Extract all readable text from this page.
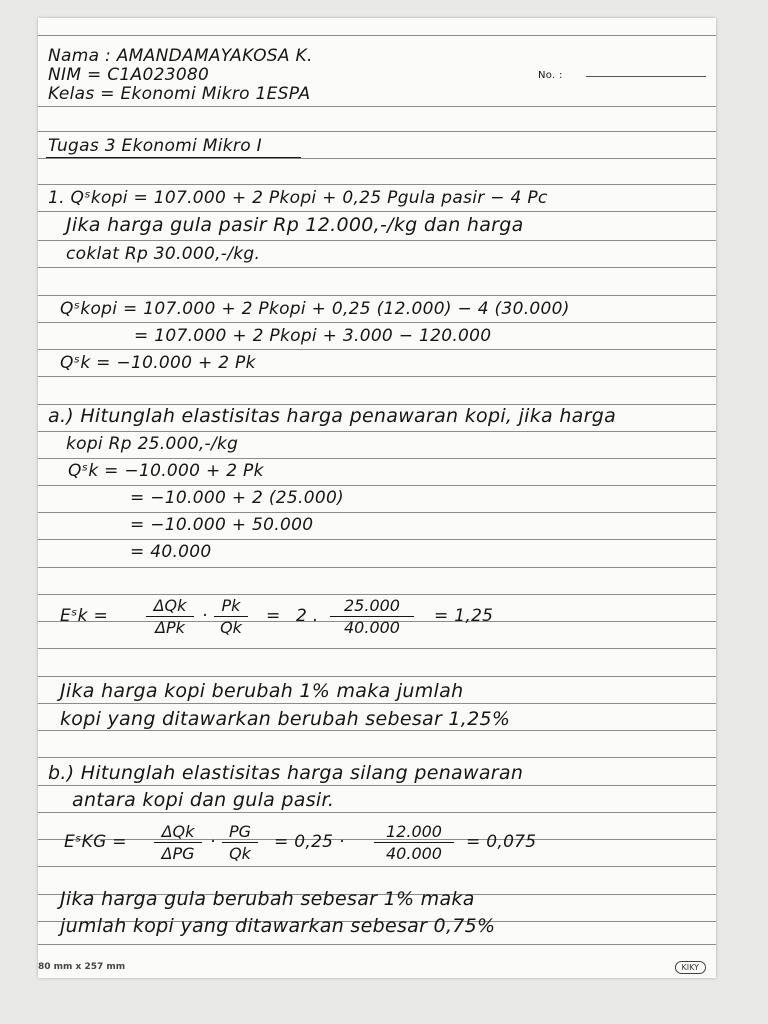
Nama : AMANDAMAYAKOSA K.
NIM = C1A023080
Kelas = Ekonomi Mikro 1ESPA
No. :
Tugas 3 Ekonomi Mikro I
1. Qˢkopi = 107.000 + 2 Pkopi + 0,25 Pgula pasir − 4 Pc
Jika harga gula pasir Rp 12.000,-/kg dan harga
coklat Rp 30.000,-/kg.
Qˢkopi = 107.000 + 2 Pkopi + 0,25 (12.000) − 4 (30.000)
= 107.000 + 2 Pkopi + 3.000 − 120.000
Qˢk = −10.000 + 2 Pk
a.) Hitunglah elastisitas harga penawaran kopi, jika harga
kopi Rp 25.000,-/kg
Qˢk = −10.000 + 2 Pk
= −10.000 + 2 (25.000)
= −10.000 + 50.000
= 40.000
Eˢk =
ΔQk
ΔPk
·
Pk
Qk
= 2 .
25.000
40.000
= 1,25
Jika harga kopi berubah 1% maka jumlah
kopi yang ditawarkan berubah sebesar 1,25%
b.) Hitunglah elastisitas harga silang penawaran
antara kopi dan gula pasir.
EˢKG =
ΔQk
ΔPG
·
PG
Qk
= 0,25 ·
12.000
40.000
= 0,075
Jika harga gula berubah sebesar 1% maka
jumlah kopi yang ditawarkan sebesar 0,75%
80 mm x 257 mm	KIKY
